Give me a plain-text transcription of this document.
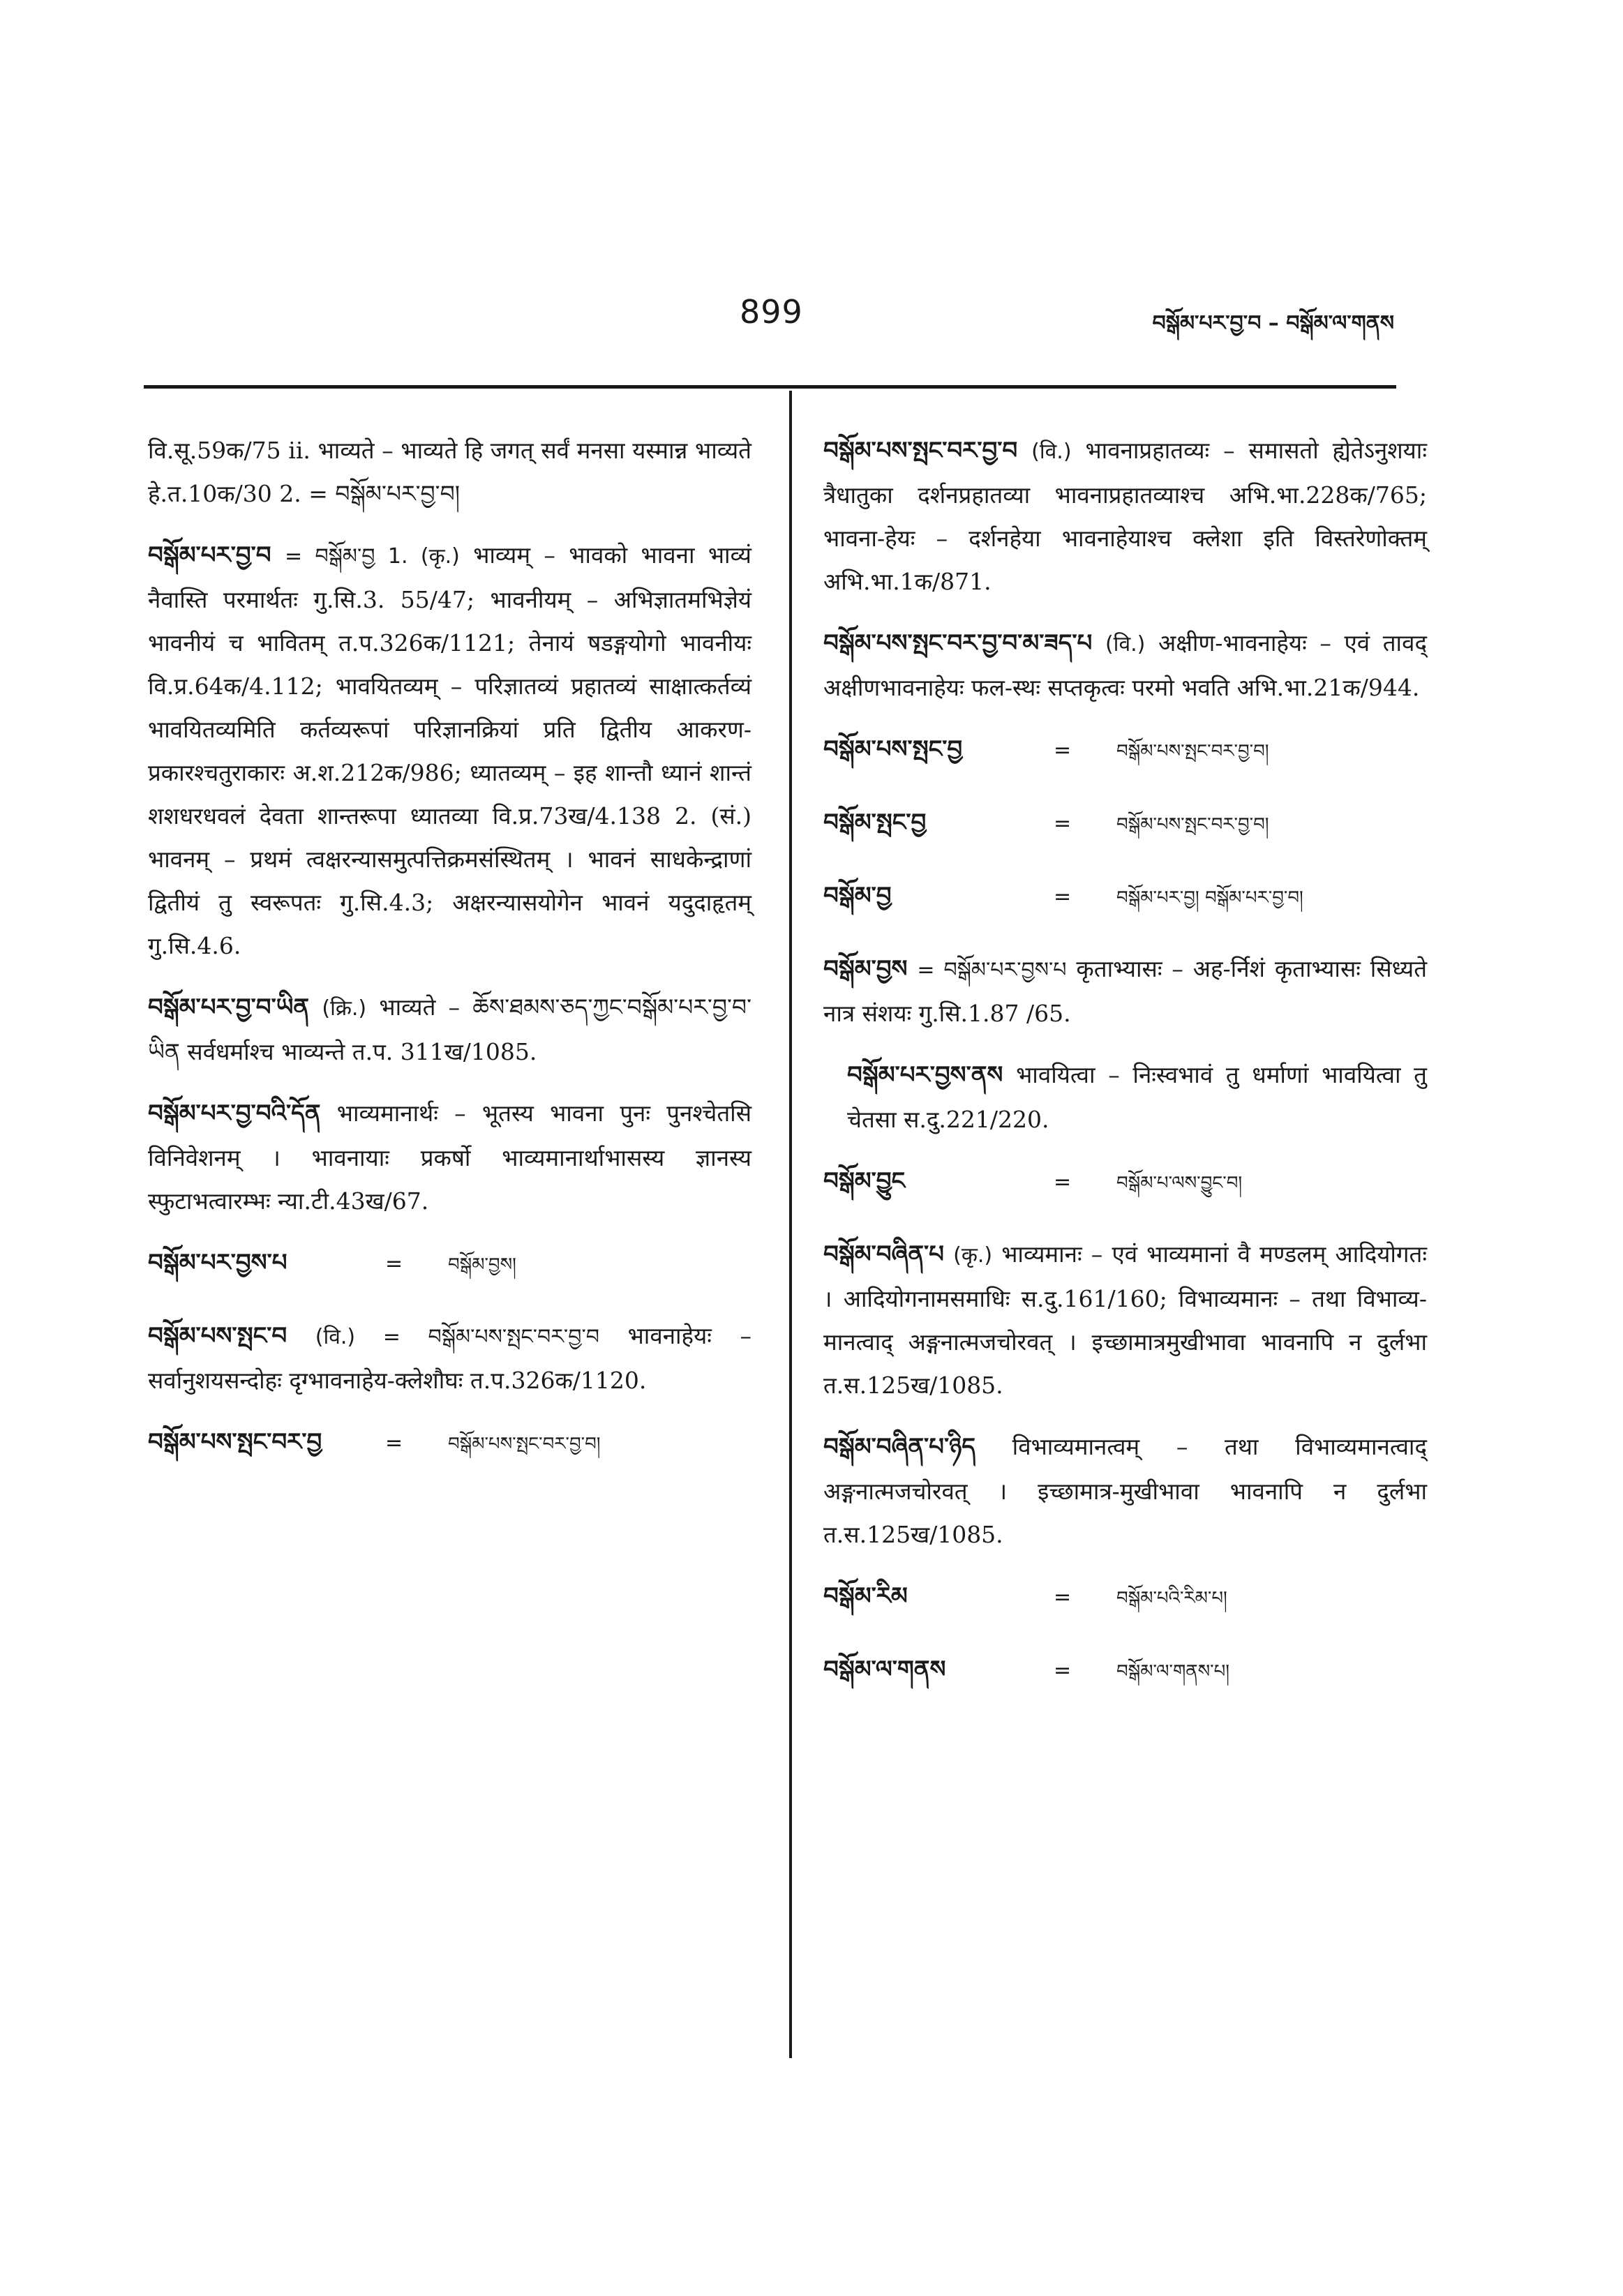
899	བསྒོམ་པར་བྱ་བ – བསྒོམ་ལ་གནས
वि.सू.59क/75 ii. भाव्यते – भाव्यते हि जगत् सर्वं मनसा यस्मान्न भाव्यते हे.त.10क/30 2. = བསྒོམ་པར་བྱ་བ།
བསྒོམ་པར་བྱ་བ = བསྒོམ་བྱ 1. (कृ.) भाव्यम् – भावको भावना भाव्यं नैवास्ति परमार्थतः गु.सि.3. 55/47; भावनीयम् – अभिज्ञातमभिज्ञेयं भावनीयं च भावितम् त.प.326क/1121; तेनायं षडङ्गयोगो भावनीयः वि.प्र.64क/4.112; भावयितव्यम् – परिज्ञातव्यं प्रहातव्यं साक्षात्कर्तव्यं भावयितव्यमिति कर्तव्यरूपां परिज्ञानक्रियां प्रति द्वितीय आकरण-प्रकारश्चतुराकारः अ.श.212क/986; ध्यातव्यम् – इह शान्तौ ध्यानं शान्तं शशधरधवलं देवता शान्तरूपा ध्यातव्या वि.प्र.73ख/4.138 2. (सं.) भावनम् – प्रथमं त्वक्षरन्यासमुत्पत्तिक्रमसंस्थितम् । भावनं साधकेन्द्राणां द्वितीयं तु स्वरूपतः गु.सि.4.3; अक्षरन्यासयोगेन भावनं यदुदाहृतम् गु.सि.4.6.
བསྒོམ་པར་བྱ་བ་ཡིན (क्रि.) भाव्यते – ཆོས་ཐམས་ཅད་ཀྱང་བསྒོམ་པར་བྱ་བ་ཡིན सर्वधर्माश्च भाव्यन्ते त.प. 311ख/1085.
བསྒོམ་པར་བྱ་བའི་དོན भाव्यमानार्थः – भूतस्य भावना पुनः पुनश्चेतसि विनिवेशनम् । भावनायाः प्रकर्षो भाव्यमानार्थाभासस्य ज्ञानस्य स्फुटाभत्वारम्भः न्या.टी.43ख/67.
བསྒོམ་པར་བྱས་པ	=	བསྒོམ་བྱས།
བསྒོམ་པས་སྤང་བ (वि.) = བསྒོམ་པས་སྤང་བར་བྱ་བ भावनाहेयः – सर्वानुशयसन्दोहः दृग्भावनाहेय-क्लेशौघः त.प.326क/1120.
བསྒོམ་པས་སྤང་བར་བྱ	=	བསྒོམ་པས་སྤང་བར་བྱ་བ།
བསྒོམ་པས་སྤང་བར་བྱ་བ (वि.) भावनाप्रहातव्यः – समासतो ह्येतेऽनुशयाः त्रैधातुका दर्शनप्रहातव्या भावनाप्रहातव्याश्च अभि.भा.228क/765; भावना-हेयः – दर्शनहेया भावनाहेयाश्च क्लेशा इति विस्तरेणोक्तम् अभि.भा.1क/871.
བསྒོམ་པས་སྤང་བར་བྱ་བ་མ་ཟད་པ (वि.) अक्षीण-भावनाहेयः – एवं तावद् अक्षीणभावनाहेयः फल-स्थः सप्तकृत्वः परमो भवति अभि.भा.21क/944.
བསྒོམ་པས་སྤང་བྱ	=	བསྒོམ་པས་སྤང་བར་བྱ་བ།
བསྒོམ་སྤང་བྱ	=	བསྒོམ་པས་སྤང་བར་བྱ་བ།
བསྒོམ་བྱ	=	བསྒོམ་པར་བྱ། བསྒོམ་པར་བྱ་བ།
བསྒོམ་བྱས = བསྒོམ་པར་བྱས་པ कृताभ्यासः – अह-र्निशं कृताभ्यासः सिध्यते नात्र संशयः गु.सि.1.87 /65.
བསྒོམ་པར་བྱས་ནས भावयित्वा – निःस्वभावं तु धर्माणां भावयित्वा तु चेतसा स.दु.221/220.
བསྒོམ་བྱུང	=	བསྒོམ་པ་ལས་བྱུང་བ།
བསྒོམ་བཞིན་པ (कृ.) भाव्यमानः – एवं भाव्यमानां वै मण्डलम् आदियोगतः । आदियोगनामसमाधिः स.दु.161/160; विभाव्यमानः – तथा विभाव्य-मानत्वाद् अङ्गनात्मजचोरवत् । इच्छामात्रमुखीभावा भावनापि न दुर्लभा त.स.125ख/1085.
བསྒོམ་བཞིན་པ་ཉིད विभाव्यमानत्वम् – तथा विभाव्यमानत्वाद् अङ्गनात्मजचोरवत् । इच्छामात्र-मुखीभावा भावनापि न दुर्लभा त.स.125ख/1085.
བསྒོམ་རིམ	=	བསྒོམ་པའི་རིམ་པ།
བསྒོམ་ལ་གནས	=	བསྒོམ་ལ་གནས་པ།
